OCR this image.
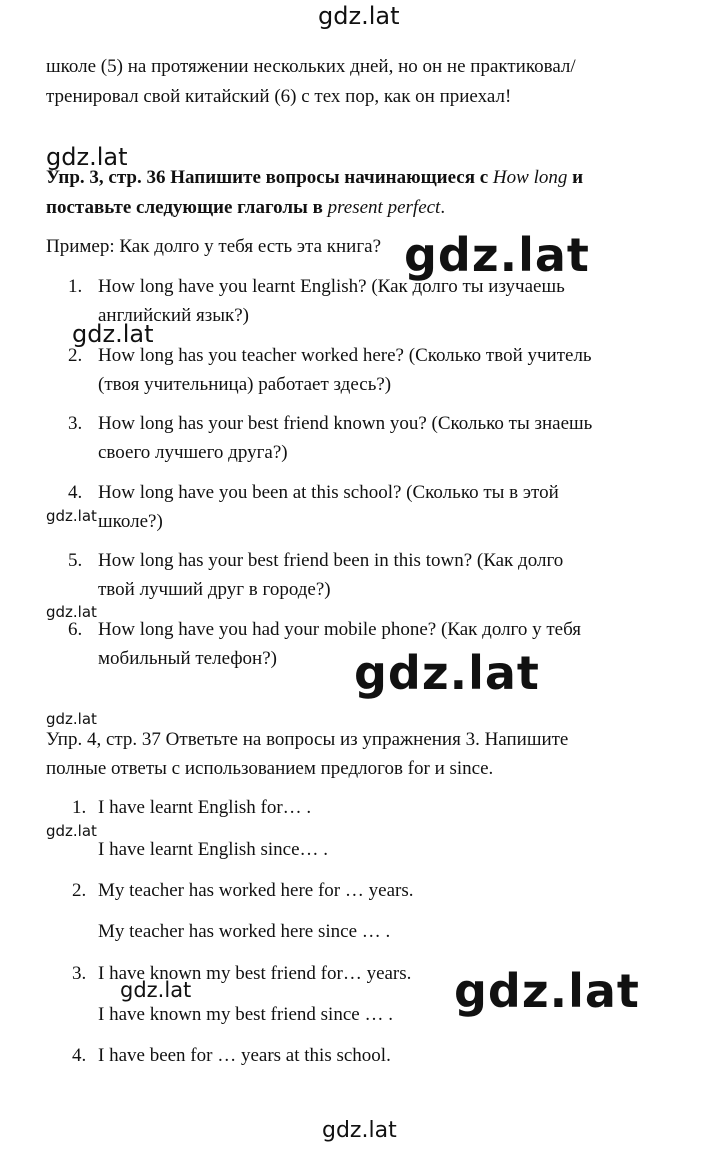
gdz.lat
gdz.lat
gdz.lat
gdz.lat
gdz.lat
gdz.lat
gdz.lat
gdz.lat
gdz.lat
gdz.lat	gdz.lat
gdz.lat
школе (5) на протяжении нескольких дней, но он не практиковал/
тренировал свой китайский (6) с тех пор, как он приехал!
Упр. 3, стр. 36 Напишите вопросы начинающиеся с How long и
поставьте следующие глаголы в present perfect.
Пример: Как долго у тебя есть эта книга?
1. How long have you learnt English? (Как долго ты изучаешь
английский язык?)
2. How long has you teacher worked here? (Сколько твой учитель
(твоя учительница) работает здесь?)
3. How long has your best friend known you? (Сколько ты знаешь
своего лучшего друга?)
4. How long have you been at this school? (Сколько ты в этой
школе?)
5. How long has your best friend been in this town? (Как долго
твой лучший друг в городе?)
6. How long have you had your mobile phone? (Как долго у тебя
мобильный телефон?)
Упр. 4, стр. 37 Ответьте на вопросы из упражнения 3. Напишите
полные ответы с использованием предлогов for и since.
1. I have learnt English for… .
I have learnt English since… .
2. My teacher has worked here for … years.
My teacher has worked here since … .
3. I have known my best friend for… years.
I have known my best friend since … .
4. I have been for … years at this school.
